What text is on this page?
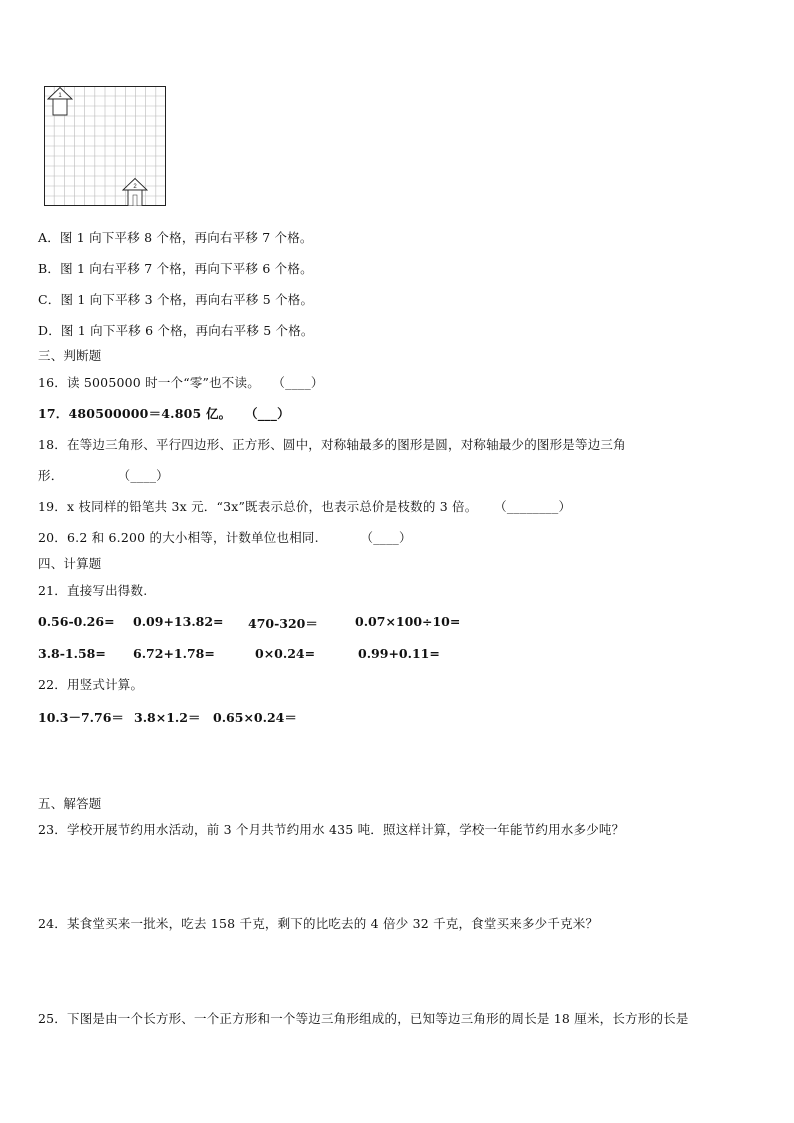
1
2
A．图 1 向下平移 8 个格，再向右平移 7 个格。
B．图 1 向右平移 7 个格，再向下平移 6 个格。
C．图 1 向下平移 3 个格，再向右平移 5 个格。
D．图 1 向下平移 6 个格，再向右平移 5 个格。
三、判断题
16．读 5005000 时一个“零”也不读。   （____）
17．480500000＝4.805 亿。   （___）
18．在等边三角形、平行四边形、正方形、圆中，对称轴最多的图形是圆，对称轴最少的图形是等边三角
形．             （____）
19．x 枝同样的铅笔共 3x 元．“3x”既表示总价，也表示总价是枝数的 3 倍。    （________）
20．6.2 和 6.200 的大小相等，计数单位也相同.          （____）
四、计算题
21．直接写出得数.
0.56-0.26= 0.09+13.82= 470-320＝	0.07×100÷10=
3.8-1.58= 6.72+1.78=	0×0.24=	0.99+0.11=
22．用竖式计算。
10.3－7.76＝ 3.8×1.2＝ 0.65×0.24＝
五、解答题
23．学校开展节约用水活动，前 3 个月共节约用水 435 吨．照这样计算，学校一年能节约用水多少吨？
24．某食堂买来一批米，吃去 158 千克，剩下的比吃去的 4 倍少 32 千克，食堂买来多少千克米？
25．下图是由一个长方形、一个正方形和一个等边三角形组成的，已知等边三角形的周长是 18 厘米，长方形的长是
